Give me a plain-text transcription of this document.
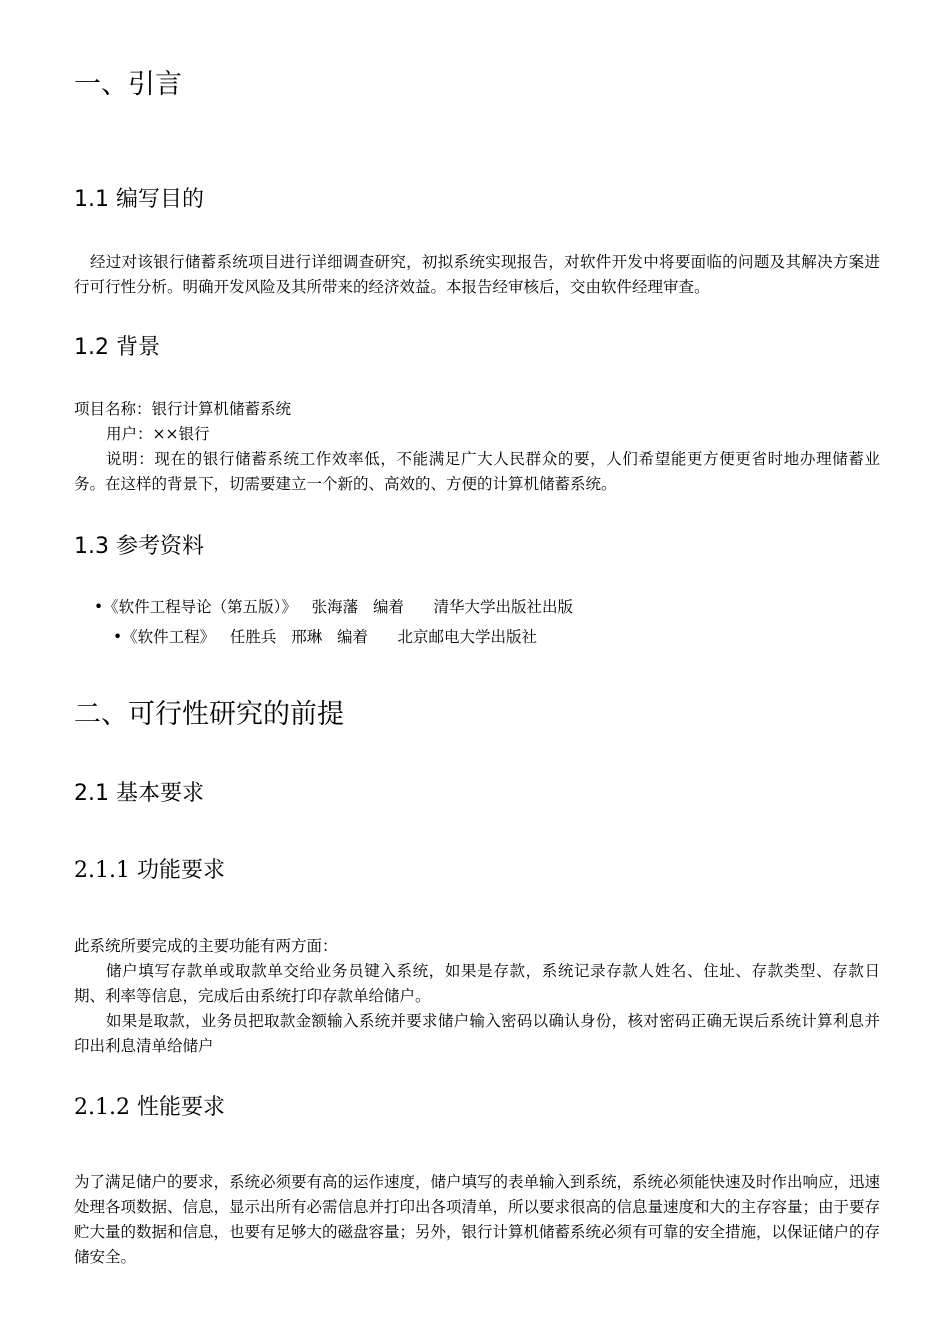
一、引言
1.1 编写目的

经过对该银行储蓄系统项目进行详细调查研究，初拟系统实现报告，对软件开发中将要面临的问题及其解决方案进行可行性分析。明确开发风险及其所带来的经济效益。本报告经审核后，交由软件经理审查。

1.2 背景

项目名称：银行计算机储蓄系统

用户：××银行

说明：现在的银行储蓄系统工作效率低，不能满足广大人民群众的要，人们希望能更方便更省时地办理储蓄业务。在这样的背景下，切需要建立一个新的、高效的、方便的计算机储蓄系统。

1.3 参考资料

•《软件工程导论（第五版）》   张海藩   编着      清华大学出版社出版

•《软件工程》   任胜兵   邢琳   编着      北京邮电大学出版社

二、可行性研究的前提
2.1 基本要求
2.1.1 功能要求

此系统所要完成的主要功能有两方面：

储户填写存款单或取款单交给业务员键入系统，如果是存款，系统记录存款人姓名、住址、存款类型、存款日期、利率等信息，完成后由系统打印存款单给储户。

如果是取款，业务员把取款金额输入系统并要求储户输入密码以确认身份，核对密码正确无误后系统计算利息并印出利息清单给储户

2.1.2 性能要求

为了满足储户的要求，系统必须要有高的运作速度，储户填写的表单输入到系统，系统必须能快速及时作出响应，迅速处理各项数据、信息，显示出所有必需信息并打印出各项清单，所以要求很高的信息量速度和大的主存容量；由于要存贮大量的数据和信息，也要有足够大的磁盘容量；另外，银行计算机储蓄系统必须有可靠的安全措施，以保证储户的存储安全。
